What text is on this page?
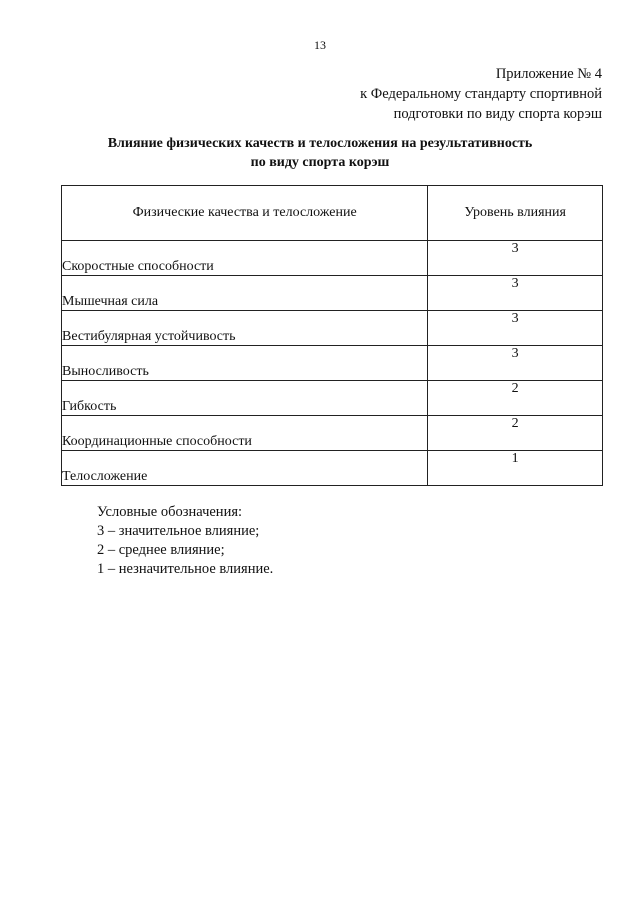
13
Приложение № 4
к Федеральному стандарту спортивной
подготовки по виду спорта корэш
Влияние физических качеств и телосложения на результативность
по виду спорта корэш
Физические качества и телосложение	Уровень влияния
Скоростные способности	3
Мышечная сила	3
Вестибулярная устойчивость	3
Выносливость	3
Гибкость	2
Координационные способности	2
Телосложение	1
Условные обозначения:
3 – значительное влияние;
2 – среднее влияние;
1 – незначительное влияние.
